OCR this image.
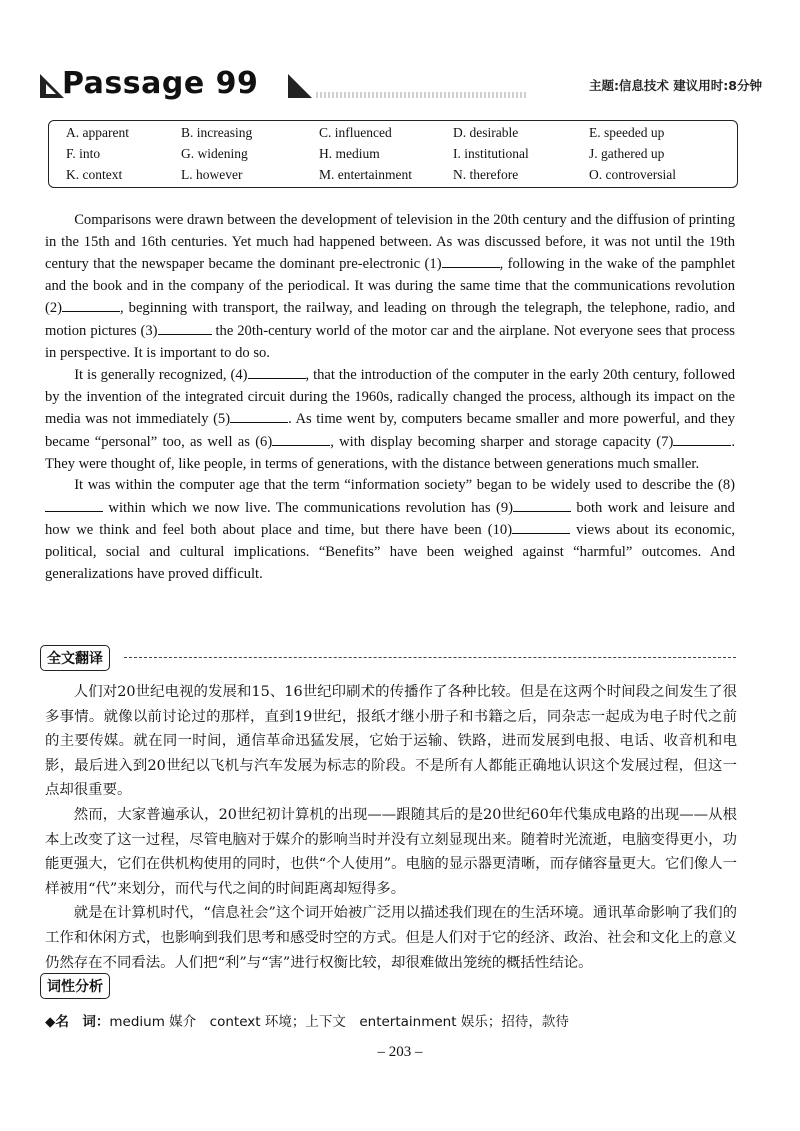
Passage 99	主题:信息技术 建议用时:8分钟
A. apparent	B. increasing	C. influenced	D. desirable	E. speeded up
F. into	G. widening	H. medium	I. institutional	J. gathered up
K. context	L. however	M. entertainment	N. therefore	O. controversial

Comparisons were drawn between the development of television in the 20th century and the diffusion of printing in the 15th and 16th centuries. Yet much had happened between. As was discussed before, it was not until the 19th century that the newspaper became the dominant pre-electronic (1)	, following in the wake of the pamphlet and the book and in the company of the periodical. It was during the same time that the communications revolution (2)	, beginning with transport, the railway, and leading on through the telegraph, the telephone, radio, and motion pictures (3)	the 20th-century world of the motor car and the airplane. Not everyone sees that process in perspective. It is important to do so.

It is generally recognized, (4)	, that the introduction of the computer in the early 20th century, followed by the invention of the integrated circuit during the 1960s, radically changed the process, although its impact on the media was not immediately (5)	. As time went by, computers became smaller and more powerful, and they became “personal” too, as well as (6)	, with display becoming sharper and storage capacity (7)	. They were thought of, like people, in terms of generations, with the distance between generations much smaller.

It was within the computer age that the term “information society” began to be widely used to describe the (8) within which we now live. The communications revolution has (9)	both work and leisure and how we think and feel both about place and time, but there have been (10)	views about its economic, political, social and cultural implications. “Benefits” have been weighed against “harmful” outcomes. And generalizations have proved difficult.

全文翻译

人们对20世纪电视的发展和15、16世纪印刷术的传播作了各种比较。但是在这两个时间段之间发生了很多事情。就像以前讨论过的那样，直到19世纪，报纸才继小册子和书籍之后，同杂志一起成为电子时代之前的主要传媒。就在同一时间，通信革命迅猛发展，它始于运输、铁路，进而发展到电报、电话、收音机和电影，最后进入到20世纪以飞机与汽车发展为标志的阶段。不是所有人都能正确地认识这个发展过程，但这一点却很重要。

然而，大家普遍承认，20世纪初计算机的出现——跟随其后的是20世纪60年代集成电路的出现——从根本上改变了这一过程，尽管电脑对于媒介的影响当时并没有立刻显现出来。随着时光流逝，电脑变得更小，功能更强大，它们在供机构使用的同时，也供“个人使用”。电脑的显示器更清晰，而存储容量更大。它们像人一样被用“代”来划分，而代与代之间的时间距离却短得多。

就是在计算机时代，“信息社会”这个词开始被广泛用以描述我们现在的生活环境。通讯革命影响了我们的工作和休闲方式，也影响到我们思考和感受时空的方式。但是人们对于它的经济、政治、社会和文化上的意义仍然存在不同看法。人们把“利”与“害”进行权衡比较，却很难做出笼统的概括性结论。

词性分析
◆名　词：medium 媒介　context 环境；上下文　entertainment 娱乐；招待，款待
– 203 –
